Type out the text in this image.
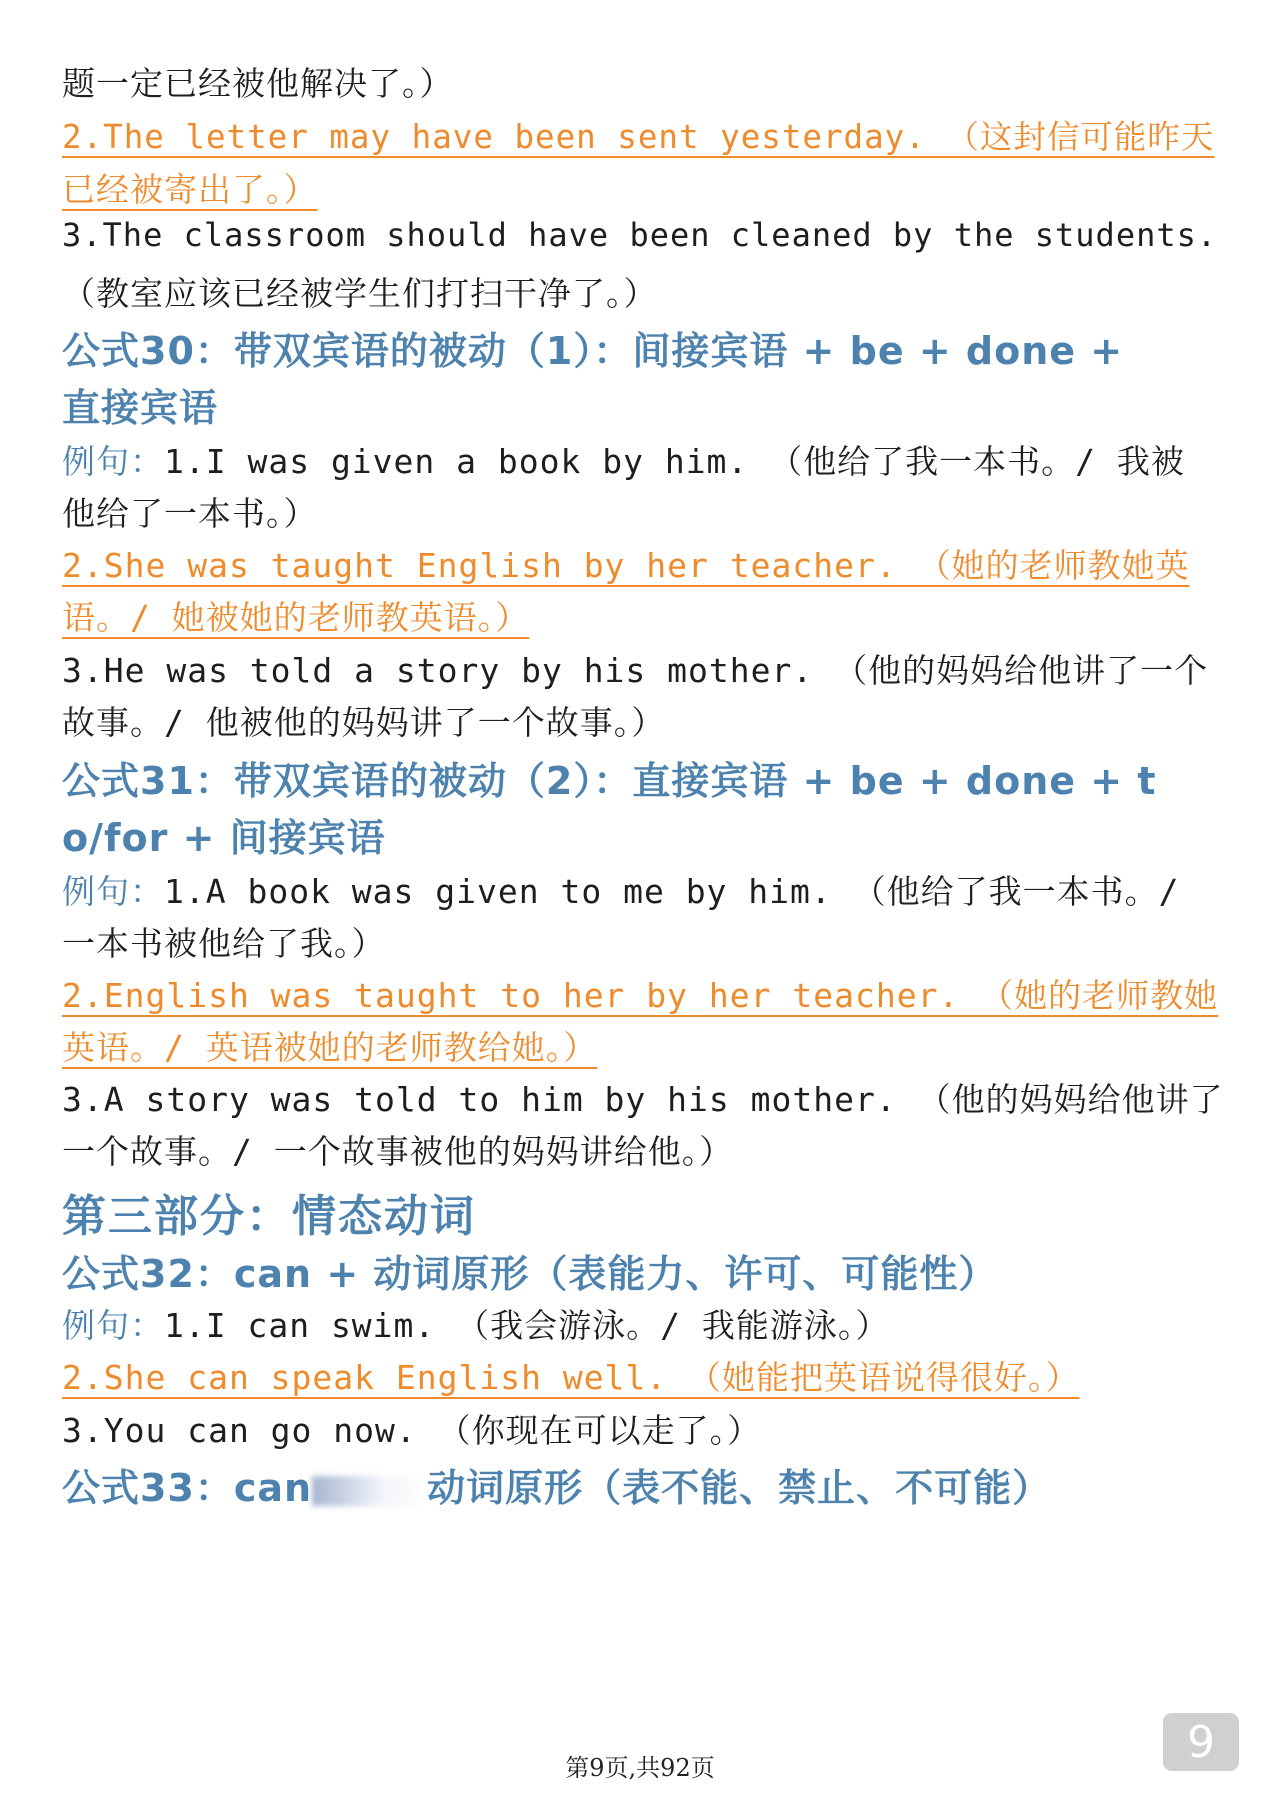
题一定已经被他解决了。）

2.The letter may have been sent yesterday. （这封信可能昨天

已经被寄出了。）

3.The classroom should have been cleaned by the students.

（教室应该已经被学生们打扫干净了。）

公式30：带双宾语的被动（1）：间接宾语 + be + done +

直接宾语

例句：1.I was given a book by him. （他给了我一本书。/ 我被

他给了一本书。）

2.She was taught English by her teacher. （她的老师教她英

语。/ 她被她的老师教英语。）

3.He was told a story by his mother. （他的妈妈给他讲了一个

故事。/ 他被他的妈妈讲了一个故事。）

公式31：带双宾语的被动（2）：直接宾语 + be + done + t

o/for + 间接宾语

例句：1.A book was given to me by him. （他给了我一本书。/

一本书被他给了我。）

2.English was taught to her by her teacher. （她的老师教她

英语。/ 英语被她的老师教给她。）

3.A story was told to him by his mother. （他的妈妈给他讲了

一个故事。/ 一个故事被他的妈妈讲给他。）

第三部分：情态动词

公式32：can + 动词原形（表能力、许可、可能性）

例句：1.I can swim. （我会游泳。/ 我能游泳。）

2.She can speak English well. （她能把英语说得很好。）

3.You can go now. （你现在可以走了。）

公式33：can	动词原形（表不能、禁止、不可能）

9
第9页,共92页
